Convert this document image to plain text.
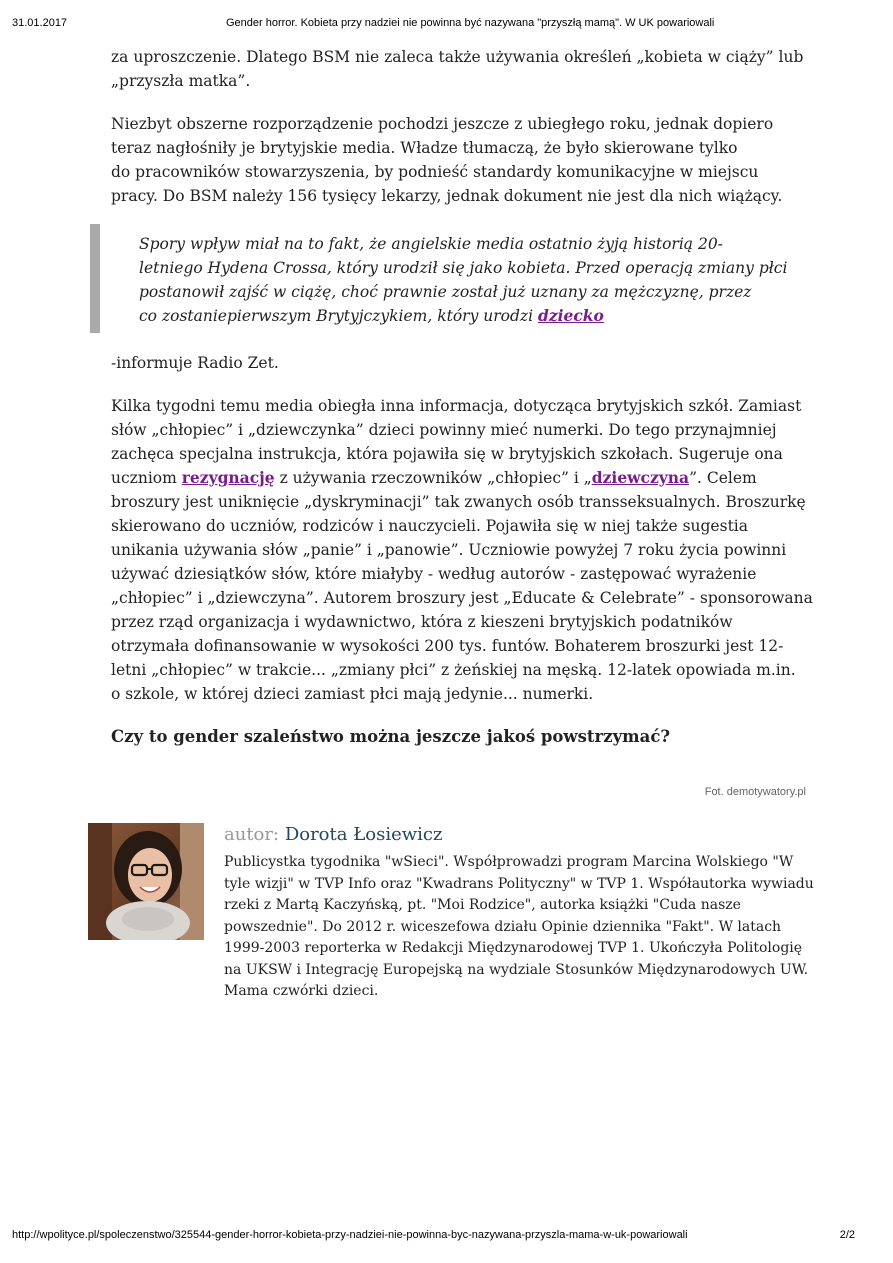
31.01.2017	Gender horror. Kobieta przy nadziei nie powinna być nazywana "przyszłą mamą". W UK powariowali

za uproszczenie. Dlatego BSM nie zaleca także używania określeń „kobieta w ciąży” lub
„przyszła matka”.

Niezbyt obszerne rozporządzenie pochodzi jeszcze z ubiegłego roku, jednak dopiero
teraz nagłośniły je brytyjskie media. Władze tłumaczą, że było skierowane tylko
do pracowników stowarzyszenia, by podnieść standardy komunikacyjne w miejscu
pracy. Do BSM należy 156 tysięcy lekarzy, jednak dokument nie jest dla nich wiążący.

Spory wpływ miał na to fakt, że angielskie media ostatnio żyją historią 20-
letniego Hydena Crossa, który urodził się jako kobieta. Przed operacją zmiany płci
postanowił zajść w ciążę, choć prawnie został już uznany za mężczyznę, przez
co zostaniepierwszym Brytyjczykiem, który urodzi dziecko

-informuje Radio Zet.

Kilka tygodni temu media obiegła inna informacja, dotycząca brytyjskich szkół. Zamiast
słów „chłopiec” i „dziewczynka” dzieci powinny mieć numerki. Do tego przynajmniej
zachęca specjalna instrukcja, która pojawiła się w brytyjskich szkołach. Sugeruje ona
uczniom rezygnację z używania rzeczowników „chłopiec” i „dziewczyna”. Celem
broszury jest uniknięcie „dyskryminacji” tak zwanych osób transseksualnych. Broszurkę
skierowano do uczniów, rodziców i nauczycieli. Pojawiła się w niej także sugestia
unikania używania słów „panie” i „panowie”. Uczniowie powyżej 7 roku życia powinni
używać dziesiątków słów, które miałyby - według autorów - zastępować wyrażenie
„chłopiec” i „dziewczyna”. Autorem broszury jest „Educate & Celebrate” - sponsorowana
przez rząd organizacja i wydawnictwo, która z kieszeni brytyjskich podatników
otrzymała dofinansowanie w wysokości 200 tys. funtów. Bohaterem broszurki jest 12-
letni „chłopiec” w trakcie... „zmiany płci” z żeńskiej na męską. 12-latek opowiada m.in.
o szkole, w której dzieci zamiast płci mają jedynie... numerki.

Czy to gender szaleństwo można jeszcze jakoś powstrzymać?

Fot. demotywatory.pl

autor: Dorota Łosiewicz

Publicystka tygodnika "wSieci". Współprowadzi program Marcina Wolskiego "W tyle wizji" w TVP Info oraz "Kwadrans Polityczny" w TVP 1. Współautorka wywiadu rzeki z Martą Kaczyńską, pt. "Moi Rodzice", autorka książki "Cuda nasze powszednie". Do 2012 r. wiceszefowa działu Opinie dziennika "Fakt". W latach 1999-2003 reporterka w Redakcji Międzynarodowej TVP 1. Ukończyła Politologię na UKSW i Integrację Europejską na wydziale Stosunków Międzynarodowych UW. Mama czwórki dzieci.

http://wpolityce.pl/spoleczenstwo/325544-gender-horror-kobieta-przy-nadziei-nie-powinna-byc-nazywana-przyszla-mama-w-uk-powariowali	2/2
